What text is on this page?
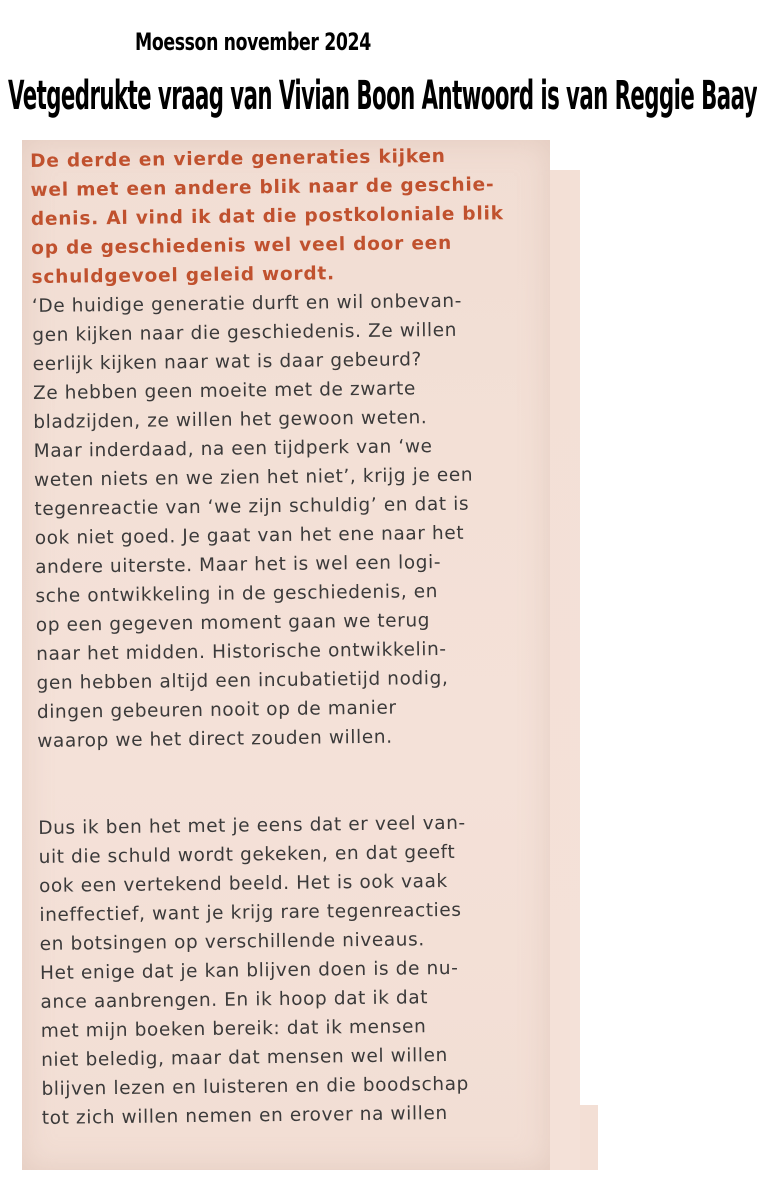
Moesson november 2024
Vetgedrukte vraag van Vivian Boon Antwoord is van Reggie Baay
De derde en vierde generaties kijken
wel met een andere blik naar de geschie-
denis. Al vind ik dat die postkoloniale blik
op de geschiedenis wel veel door een
schuldgevoel geleid wordt.
‘De huidige generatie durft en wil onbevan-
gen kijken naar die geschiedenis. Ze willen
eerlijk kijken naar wat is daar gebeurd?
Ze hebben geen moeite met de zwarte
bladzijden, ze willen het gewoon weten.
Maar inderdaad, na een tijdperk van ‘we
weten niets en we zien het niet’, krijg je een
tegenreactie van ‘we zijn schuldig’ en dat is
ook niet goed. Je gaat van het ene naar het
andere uiterste. Maar het is wel een logi-
sche ontwikkeling in de geschiedenis, en
op een gegeven moment gaan we terug
naar het midden. Historische ontwikkelin-
gen hebben altijd een incubatietijd nodig,
dingen gebeuren nooit op de manier
waarop we het direct zouden willen.
Dus ik ben het met je eens dat er veel van-
uit die schuld wordt gekeken, en dat geeft
ook een vertekend beeld. Het is ook vaak
ineffectief, want je krijg rare tegenreacties
en botsingen op verschillende niveaus.
Het enige dat je kan blijven doen is de nu-
ance aanbrengen. En ik hoop dat ik dat
met mijn boeken bereik: dat ik mensen
niet beledig, maar dat mensen wel willen
blijven lezen en luisteren en die boodschap
tot zich willen nemen en erover na willen
